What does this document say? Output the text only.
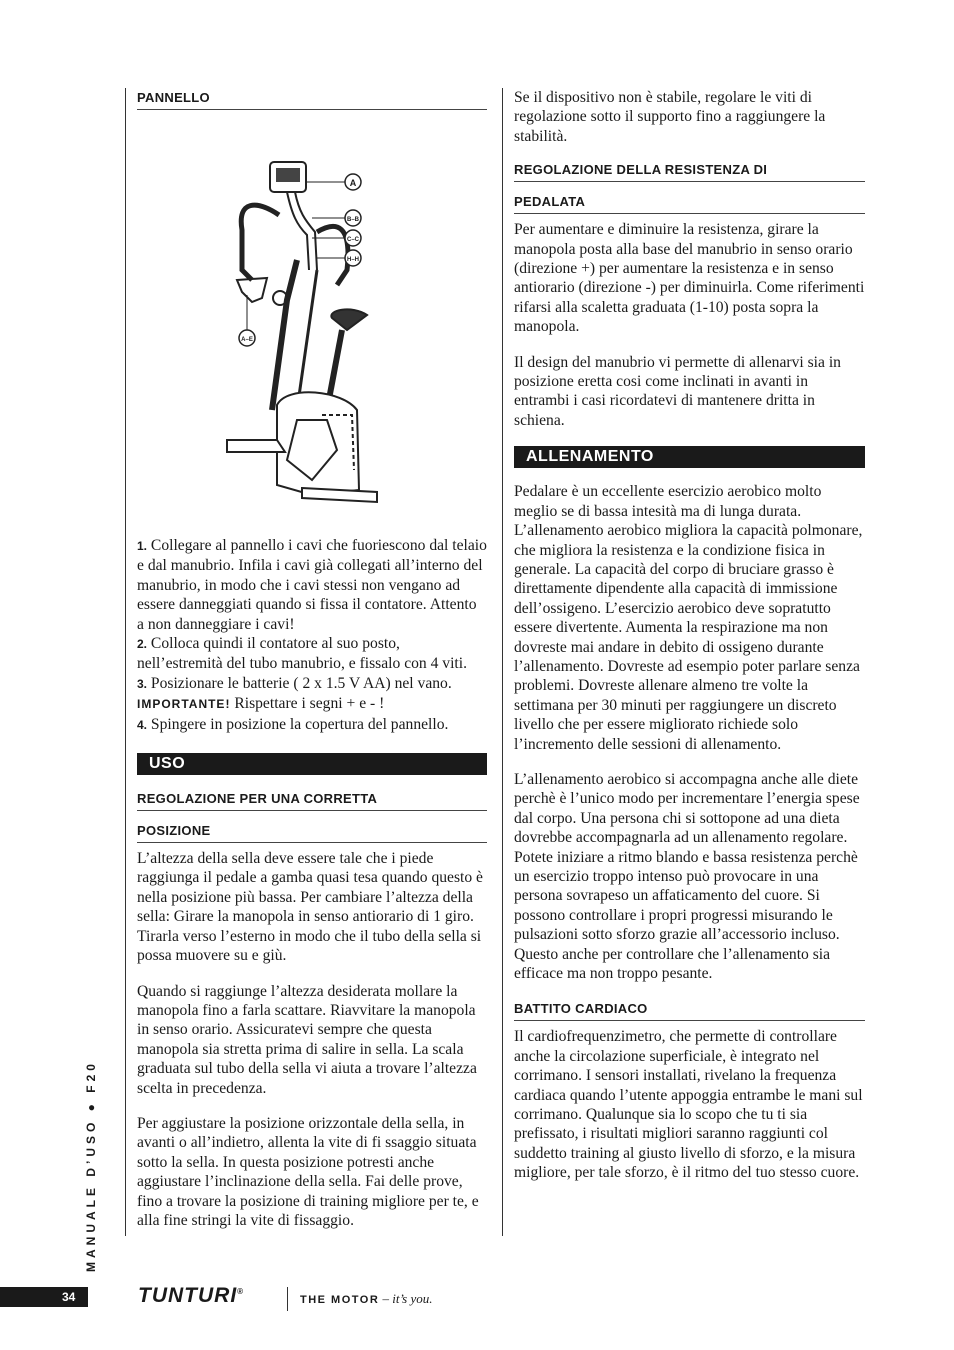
PANNELLO
A
B–B
C–C
H–H
A–E

1. Collegare al pannello i cavi che fuoriescono dal telaio e dal manubrio. Infila i cavi già collegati all’interno del manubrio, in modo che i cavi stessi non vengano ad essere danneggiati quando si fissa il contatore. Attento a non danneggiare i cavi!
2. Colloca quindi il contatore al suo posto, nell’estremità del tubo manubrio, e fissalo con 4 viti.
3. Posizionare le batterie ( 2 x 1.5 V AA) nel vano.
IMPORTANTE! Rispettare i segni + e - !
4. Spingere in posizione la copertura del pannello.

USO
REGOLAZIONE PER UNA CORRETTA
POSIZIONE

L’altezza della sella deve essere tale che i piede raggiunga il pedale a gamba quasi tesa quando questo è nella posizione più bassa. Per cambiare l’altezza della sella: Girare la manopola in senso antiorario di 1 giro. Tirarla verso l’esterno in modo che il tubo della sella si possa muovere su e giù.

Quando si raggiunge l’altezza desiderata mollare la manopola fino a farla scattare. Riavvitare la manopola in senso orario. Assicuratevi sempre che questa manopola sia stretta prima di salire in sella. La scala graduata sul tubo della sella vi aiuta a trovare l’altezza scelta in precedenza.

Per aggiustare la posizione orizzontale della sella, in avanti o all’indietro, allenta la vite di fi ssaggio situata sotto la sella. In questa posizione potresti anche aggiustare l’inclinazione della sella. Fai delle prove, fino a trovare la posizione di training migliore per te, e alla fine stringi la vite di fissaggio.

Se il dispositivo non è stabile, regolare le viti di regolazione sotto il supporto fino a raggiungere la stabilità.

REGOLAZIONE DELLA RESISTENZA DI
PEDALATA

Per aumentare e diminuire la resistenza, girare la manopola posta alla base del manubrio in senso orario (direzione +) per aumentare la resistenza e in senso antiorario (direzione -) per diminuirla. Come riferimenti rifarsi alla scaletta graduata (1-10) posta sopra la manopola.

Il design del manubrio vi permette di allenarvi sia in posizione eretta cosi come inclinati in avanti in entrambi i casi ricordatevi di mantenere dritta in schiena.

ALLENAMENTO

Pedalare è un eccellente esercizio aerobico molto meglio se di bassa intesità ma di lunga durata. L’allenamento aerobico migliora la capacità polmonare, che migliora la resistenza e la condizione fisica in generale. La capacità del corpo di bruciare grasso è direttamente dipendente alla capacità di immissione dell’ossigeno. L’esercizio aerobico deve sopratutto essere divertente. Aumenta la respirazione ma non dovreste mai andare in debito di ossigeno durante l’allenamento. Dovreste ad esempio poter parlare senza problemi. Dovreste allenare almeno tre volte la settimana per 30 minuti per raggiungere un discreto livello che per essere migliorato richiede solo l’incremento delle sessioni di allenamento.

L’allenamento aerobico si accompagna anche alle diete perchè è l’unico modo per incrementare l’energia spese dal corpo. Una persona chi si sottopone ad una dieta dovrebbe accompagnarla ad un allenamento regolare. Potete iniziare a ritmo blando e bassa resistenza perchè un esercizio troppo intenso può provocare in una persona sovrapeso un affaticamento del cuore. Si possono controllare i propri progressi misurando le pulsazioni sotto sforzo grazie all’accessorio incluso. Questo anche per controllare che l’allenamento sia efficace ma non troppo pesante.

BATTITO CARDIACO

Il cardiofrequenzimetro, che permette di controllare anche la circolazione superficiale, è integrato nel corrimano. I sensori installati, rivelano la frequenza cardiaca quando l’utente appoggia entrambe le mani sul corrimano. Qualunque sia lo scopo che tu ti sia prefissato, i risultati migliori saranno raggiunti col suddetto training al giusto livello di sforzo, e la misura migliore, per tale sforzo, è il ritmo del tuo stesso cuore.

MANUALE D’USO ● F20
34	TUNTURI®
THE MOTOR – it’s you.
